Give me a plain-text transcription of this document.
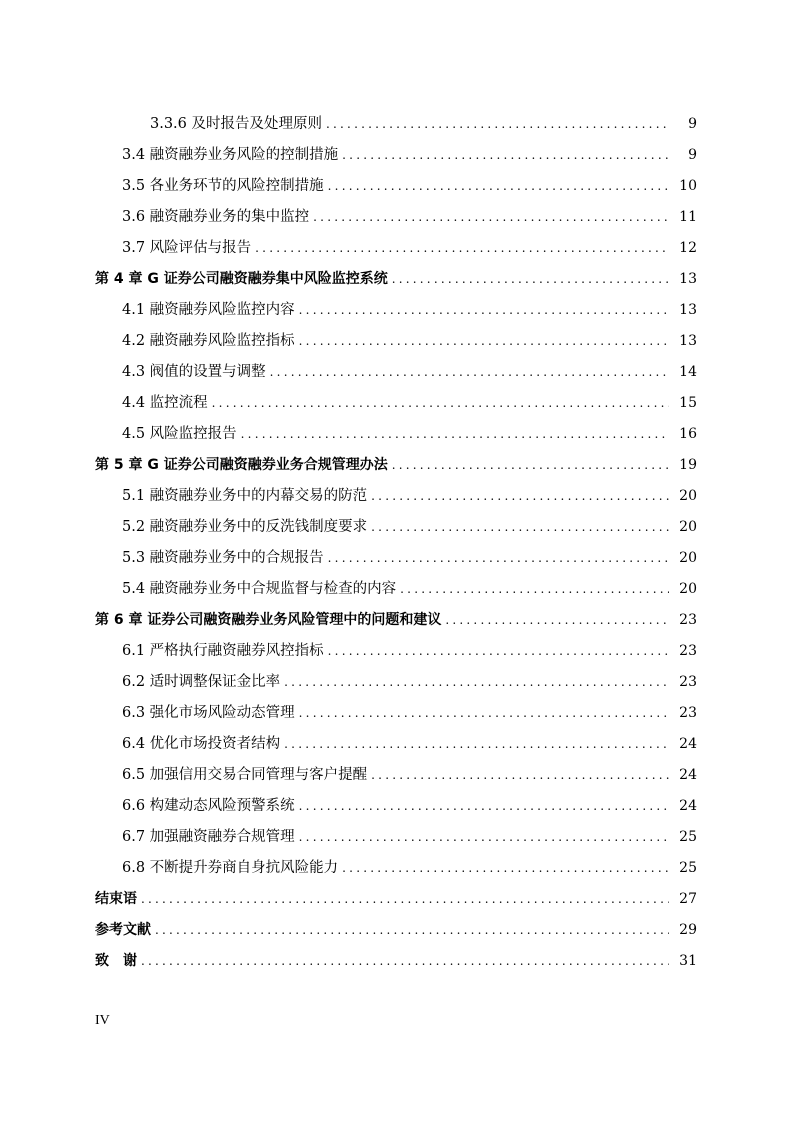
3.3.6 及时报告及处理原则 .....	9
3.4 融资融券业务风险的控制措施 .....	9
3.5 各业务环节的风险控制措施 .....	10
3.6 融资融券业务的集中监控 .....	11
3.7 风险评估与报告 .....	12
第 4 章 G 证券公司融资融券集中风险监控系统 .....	13
4.1 融资融券风险监控内容 .....	13
4.2 融资融券风险监控指标 .....	13
4.3 阀值的设置与调整 .....	14
4.4 监控流程 .....	15
4.5 风险监控报告 .....	16
第 5 章 G 证券公司融资融券业务合规管理办法 .....	19
5.1 融资融券业务中的内幕交易的防范 .....	20
5.2 融资融券业务中的反洗钱制度要求 .....	20
5.3 融资融券业务中的合规报告 .....	20
5.4 融资融券业务中合规监督与检查的内容 .....	20
第 6 章 证券公司融资融券业务风险管理中的问题和建议 .....	23
6.1 严格执行融资融券风控指标 .....	23
6.2 适时调整保证金比率 .....	23
6.3 强化市场风险动态管理 .....	23
6.4 优化市场投资者结构 .....	24
6.5 加强信用交易合同管理与客户提醒 .....	24
6.6 构建动态风险预警系统 .....	24
6.7 加强融资融券合规管理 .....	25
6.8 不断提升券商自身抗风险能力 .....	25
结束语 .....	27
参考文献 .....	29
致　谢 .....	31
IV
